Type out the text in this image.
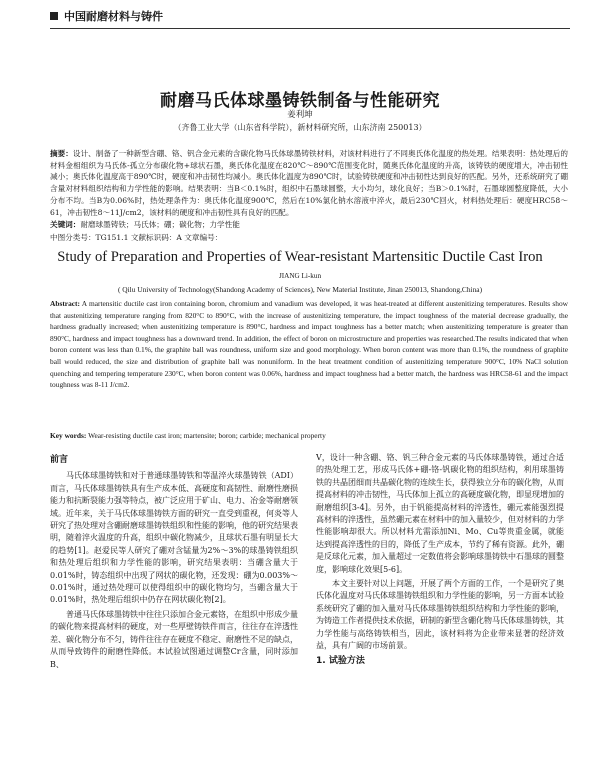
中国耐磨材料与铸件
耐磨马氏体球墨铸铁制备与性能研究
姜利坤
（齐鲁工业大学（山东省科学院），新材料研究所，山东济南 250013）
摘要：设计、制备了一种新型含硼、铬、钒合金元素的含碳化物马氏体球墨铸铁材料，对该材料进行了不同奥氏体化温度的热处理。结果表明：热处理后的材料金相组织为马氏体-孤立分布碳化物+球状石墨，奥氏体化温度在820℃～890℃范围变化时，随奥氏体化温度的升高，该铸铁的硬度增大，冲击韧性减小；奥氏体化温度高于890℃时，硬度和冲击韧性均减小。奥氏体化温度为890℃时，试验铸铁硬度和冲击韧性达到良好的匹配。另外，还系统研究了硼含量对材料组织结构和力学性能的影响。结果表明：当B＜0.1%时，组织中石墨球圆整，大小均匀，球化良好；当B＞0.1%时，石墨球圆整度降低，大小分布不均。当B为0.06%时，热处理条件为：奥氏体化温度900℃，然后在10%氯化钠水溶液中淬火，最后230℃回火，材料热处理后：硬度HRC58～61，冲击韧性8～11J/cm2，该材料的硬度和冲击韧性具有良好的匹配。
关键词：耐磨球墨铸铁；马氏体；硼；碳化物；力学性能
中图分类号：TG151.1 文献标识码：A 文章编号：
Study of Preparation and Properties of Wear-resistant Martensitic Ductile Cast Iron
JIANG Li-kun
( Qilu University of Technology(Shandong Academy of Sciences), New Material Institute, Jinan 250013, Shandong,China)
Abstract: A martensitic ductile cast iron containing boron, chromium and vanadium was developed, it was heat-treated at different austenitizing temperatures. Results show that austenitizing temperature ranging from 820°C to 890°C, with the increase of austenitizing temperature, the impact toughness of the material decrease gradually, the hardness gradually increased; when austenitizing temperature is 890°C, hardness and impact toughness has a better match; when austenitizing temperature is greater than 890°C, hardness and impact toughness has a downward trend. In addition, the effect of boron on microstructure and properties was researched.The results indicated that when boron content was less than 0.1%, the graphite ball was roundness, uniform size and good morphology. When boron content was more than 0.1%, the roundness of graphite ball would reduced, the size and distribution of graphite ball was nonuniform. In the heat treatment condition of austenitizing temperature 900°C, 10% NaCl solution quenching and tempering temperature 230°C, when boron content was 0.06%, hardness and impact toughness had a better match, the hardness was HRC58-61 and the impact toughness was 8-11 J/cm2.
Key words: Wear-resisting ductile cast iron; martensite; boron; carbide; mechanical property
前言

马氏体球墨铸铁和对于普通球墨铸铁和等温淬火球墨铸铁（ADI）而言，马氏体球墨铸铁具有生产成本低、高硬度和高韧性、耐磨性磨损能力和抗断裂能力强等特点，被广泛应用于矿山、电力、冶金等耐磨领域。近年来，关于马氏体球墨铸铁方面的研究一直受到重视，何炎等人研究了热处理对含硼耐磨球墨铸铁组织和性能的影响，他的研究结果表明，随着淬火温度的升高，组织中碳化物减少，且球状石墨有明显长大的趋势[1]。赵爱民等人研究了硼对含锰量为2%～3%的球墨铸铁组织和热处理后组织和力学性能的影响，研究结果表明：当硼含量大于0.01%时，铸态组织中出现了网状的碳化物，还发现：硼为0.003%～0.01%时，通过热处理可以使得组织中的碳化物均匀，当硼含量大于0.01%时，热处理后组织中仍存在网状碳化物[2]。

普通马氏体球墨铸铁中往往只添加合金元素铬，在组织中形成少量的碳化物来提高材料的硬度，对一些厚壁铸铁件而言，往往存在淬透性差、碳化物分布不匀，铸件往往存在硬度不稳定、耐磨性不足的缺点，从而导致铸件的耐磨性降低。本试验试图通过调整Cr含量，同时添加B、

V，设计一种含硼、铬、钒三种合金元素的马氏体球墨铸铁，通过合适的热处理工艺，形成马氏体+硼-铬-钒碳化物的组织结构，利用球墨铸铁的共晶团细而共晶碳化物的连续生长，获得独立分布的碳化物，从而提高材料的冲击韧性，马氏体加上孤立的高硬度碳化物，即显现增加的耐磨组织[3-4]。另外，由于钒能提高材料的淬透性，硼元素能强烈提高材料的淬透性，虽然硼元素在材料中的加入量较少，但对材料的力学性能影响却很大。所以材料尤需添加Ni、Mo、Cu等贵重金属，就能达到提高淬透性的目的，降低了生产成本，节约了稀有资源。此外，硼是反球化元素，加入量超过一定数值将会影响球墨铸铁中石墨球的圆整度，影响球化效果[5-6]。

本文主要针对以上问题，开展了两个方面的工作，一个是研究了奥氏体化温度对马氏体球墨铸铁组织和力学性能的影响，另一方面本试验系统研究了硼的加入量对马氏体球墨铸铁组织结构和力学性能的影响，为铸造工作者提供技术依据，研制的新型含硼化物马氏体球墨铸铁，其力学性能与高络铸铁相当，因此，该材料将为企业带来显著的经济效益，具有广阔的市场前景。

1. 试验方法
